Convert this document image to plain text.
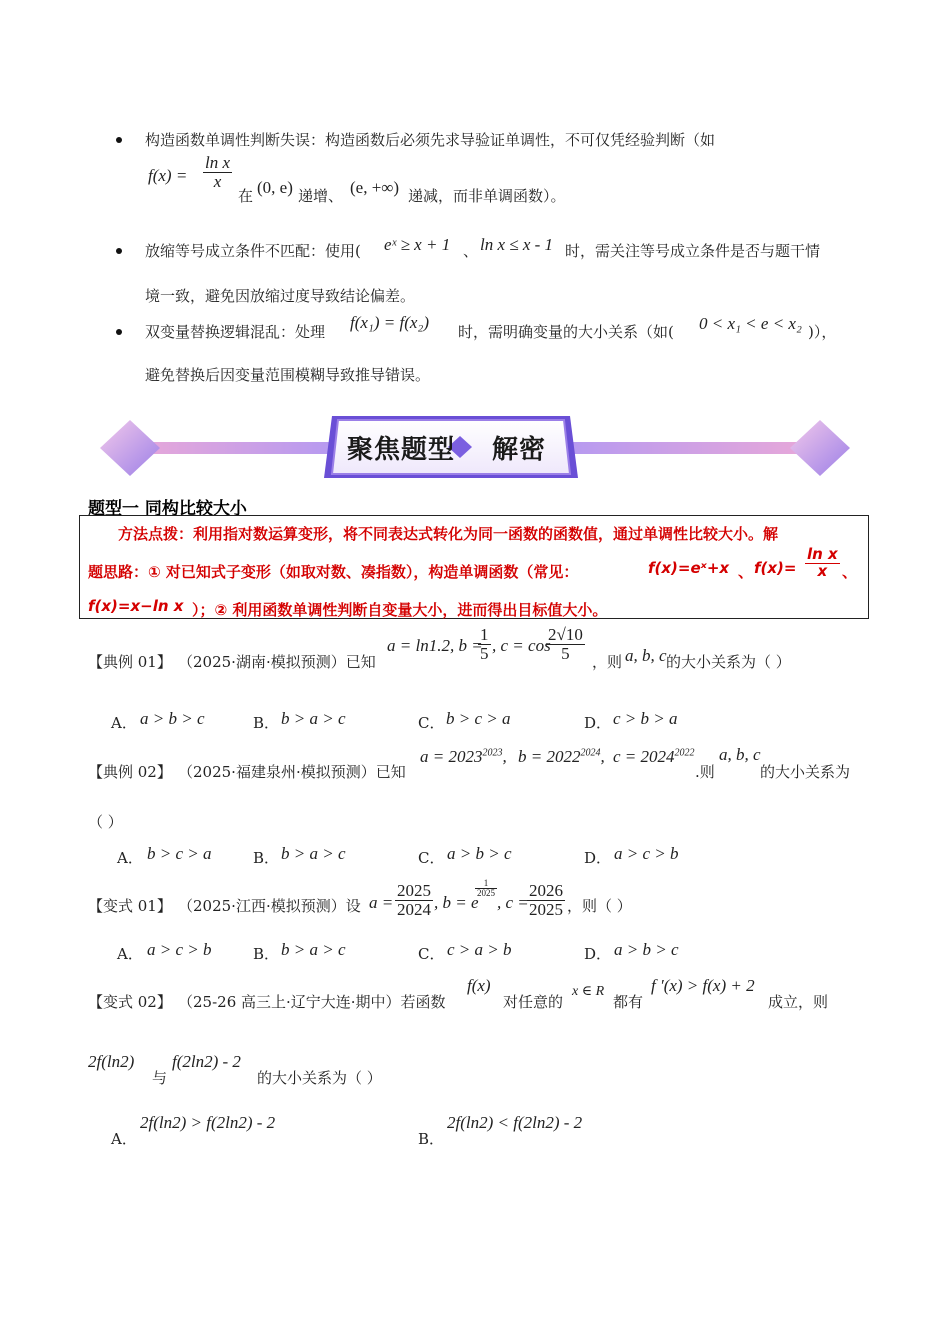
构造函数单调性判断失误：构造函数后必须先求导验证单调性，不可仅凭经验判断（如
$f(x) = \frac{\text{ln x}}{x}$
在 (0, e) 递增、 (e, +∞) 递减，而非单调函数）。
放缩等号成立条件不匹配：使用( eˣ ≥ x + 1 、 ln x ≤ x - 1 时，需关注等号成立条件是否与题干情
境一致，避免因放缩过度导致结论偏差。
双变量替换逻辑混乱：处理 f(x₁) = f(x₂) 时，需明确变量的大小关系（如( 0 < x₁ < e < x₂ )），
避免替换后因变量范围模糊导致推导错误。
聚焦题型 解密
题型一 同构比较大小
方法点拨：利用指对数运算变形，将不同表达式转化为同一函数的函数值，通过单调性比较大小。解
题思路：① 对已知式子变形（如取对数、凑指数），构造单调函数（常见：	f(x)=eˣ+x 、 $f(x)= \frac{\text{ln x}}{x}$ 、
f(x)=x−ln x ）；② 利用函数单调性判断自变量大小，进而得出目标值大小。
【典例 01】 （2025·湖南·模拟预测）已知
a = ln1.2, b =
$\frac{1}{5}$ , c = cos
$\frac{2√10}{5}$ ，则 a, b, c 的大小关系为（ ）
A． a > b > c	B． b > a > c	C． b > c > a	D． c > b > a
【典例 02】 （2025·福建泉州·模拟预测）已知
$a = 2023^{2023}$, $b = 2022^{2024}$, $c = 2024^{2022}$
.则
a, b, c
的大小关系为
（ ）
A． b > c > a	B． b > a > c	C． a > b > c	D． a > c > b
【变式 01】 （2025·江西·模拟预测）设 $a = \frac{2025}{2024}$ , b = e
$\frac{1}{2025}$
, c =
$\frac{2026}{2025}$ ，则（ ）
A． a > c > b	B． b > a > c	C． c > a > b	D． a > b > c
【变式 02】 （25-26 高三上·辽宁大连·期中）若函数
f(x)
对任意的
x ∈ R
都有
f ′(x) > f(x) + 2
成立，则
2f(ln2)
与
f(2ln2) - 2
的大小关系为（ ）
A．
2f(ln2) > f(2ln2) - 2
B．
2f(ln2) < f(2ln2) - 2
